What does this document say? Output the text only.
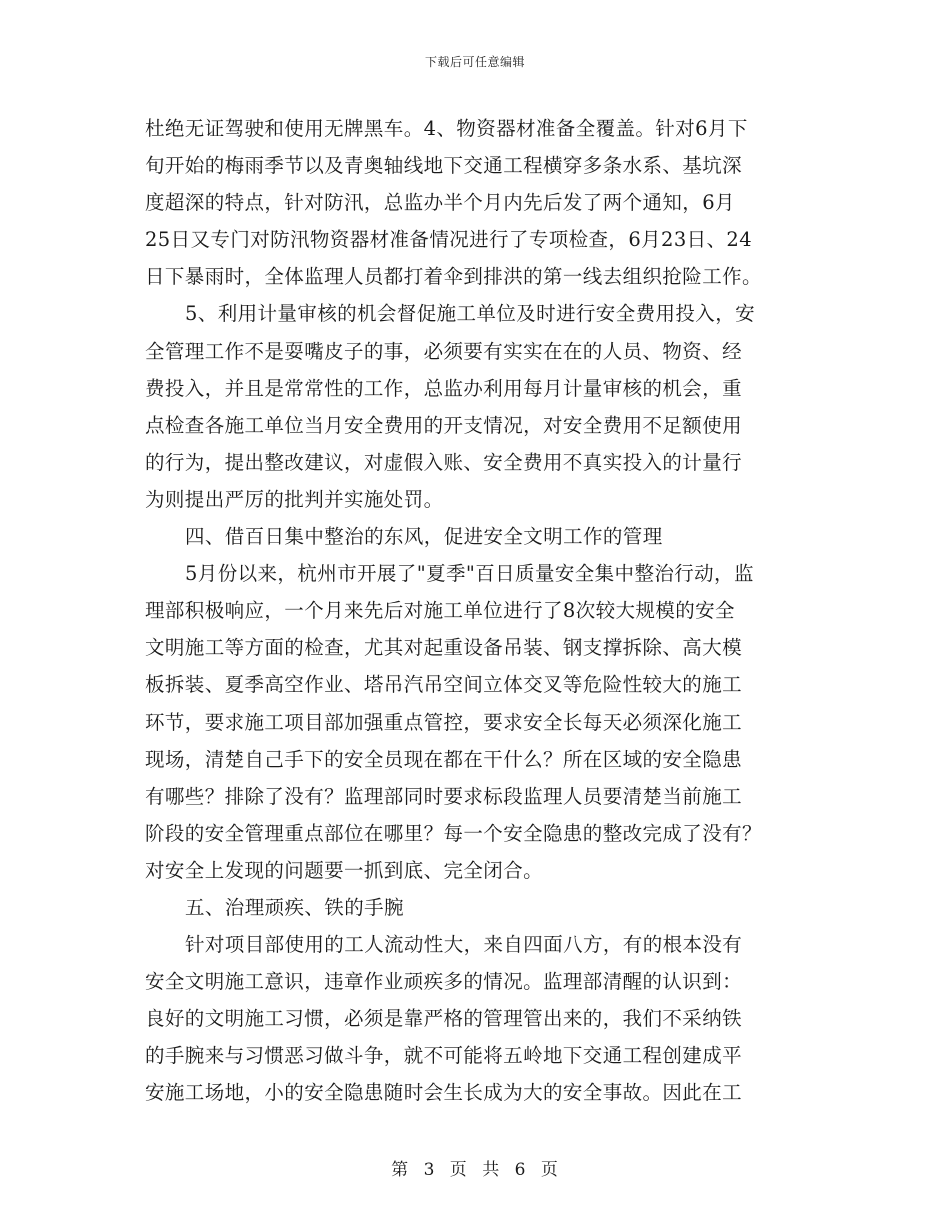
下载后可任意编辑
杜绝无证驾驶和使用无牌黑车。4、物资器材准备全覆盖。针对6月下
旬开始的梅雨季节以及青奥轴线地下交通工程横穿多条水系、基坑深
度超深的特点，针对防汛，总监办半个月内先后发了两个通知，6月
25日又专门对防汛物资器材准备情况进行了专项检查，6月23日、24
日下暴雨时，全体监理人员都打着伞到排洪的第一线去组织抢险工作。
5、利用计量审核的机会督促施工单位及时进行安全费用投入，安
全管理工作不是耍嘴皮子的事，必须要有实实在在的人员、物资、经
费投入，并且是常常性的工作，总监办利用每月计量审核的机会，重
点检查各施工单位当月安全费用的开支情况，对安全费用不足额使用
的行为，提出整改建议，对虚假入账、安全费用不真实投入的计量行
为则提出严厉的批判并实施处罚。
四、借百日集中整治的东风，促进安全文明工作的管理
5月份以来，杭州市开展了"夏季"百日质量安全集中整治行动，监
理部积极响应，一个月来先后对施工单位进行了8次较大规模的安全
文明施工等方面的检查，尤其对起重设备吊装、钢支撑拆除、高大模
板拆装、夏季高空作业、塔吊汽吊空间立体交叉等危险性较大的施工
环节，要求施工项目部加强重点管控，要求安全长每天必须深化施工
现场，清楚自己手下的安全员现在都在干什么？所在区域的安全隐患
有哪些？排除了没有？监理部同时要求标段监理人员要清楚当前施工
阶段的安全管理重点部位在哪里？每一个安全隐患的整改完成了没有？
对安全上发现的问题要一抓到底、完全闭合。
五、治理顽疾、铁的手腕
针对项目部使用的工人流动性大，来自四面八方，有的根本没有
安全文明施工意识，违章作业顽疾多的情况。监理部清醒的认识到：
良好的文明施工习惯，必须是靠严格的管理管出来的，我们不采纳铁
的手腕来与习惯恶习做斗争，就不可能将五岭地下交通工程创建成平
安施工场地，小的安全隐患随时会生长成为大的安全事故。因此在工
第 3 页 共 6 页
